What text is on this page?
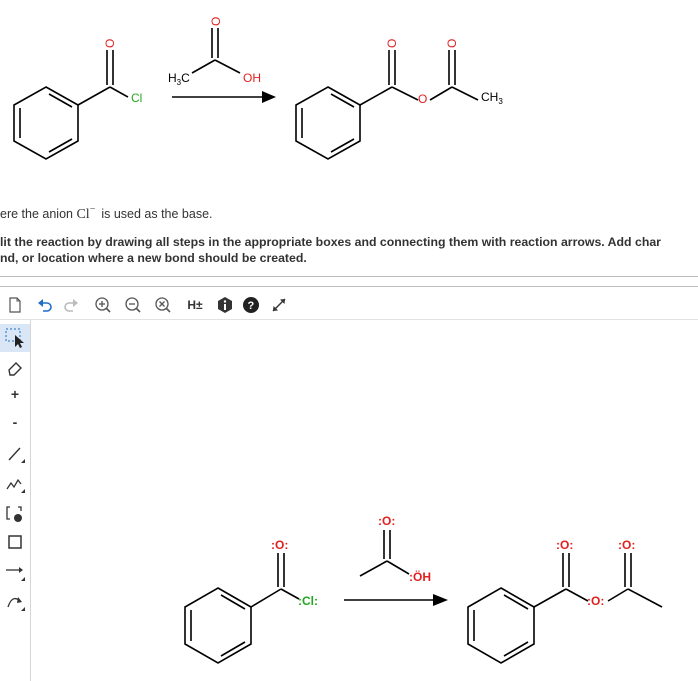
O
Cl
O
$H_3C$	OH
O	O
O	$CH_3$
ere the anion Cl− is used as the base.
lit the reaction by drawing all steps in the appropriate boxes and connecting them with reaction arrows. Add char
nd, or location where a new bond should be created.
H±	?
+
-
:O:
:Cl:
:O:
:ÖH
:O:	:O:
:O:
